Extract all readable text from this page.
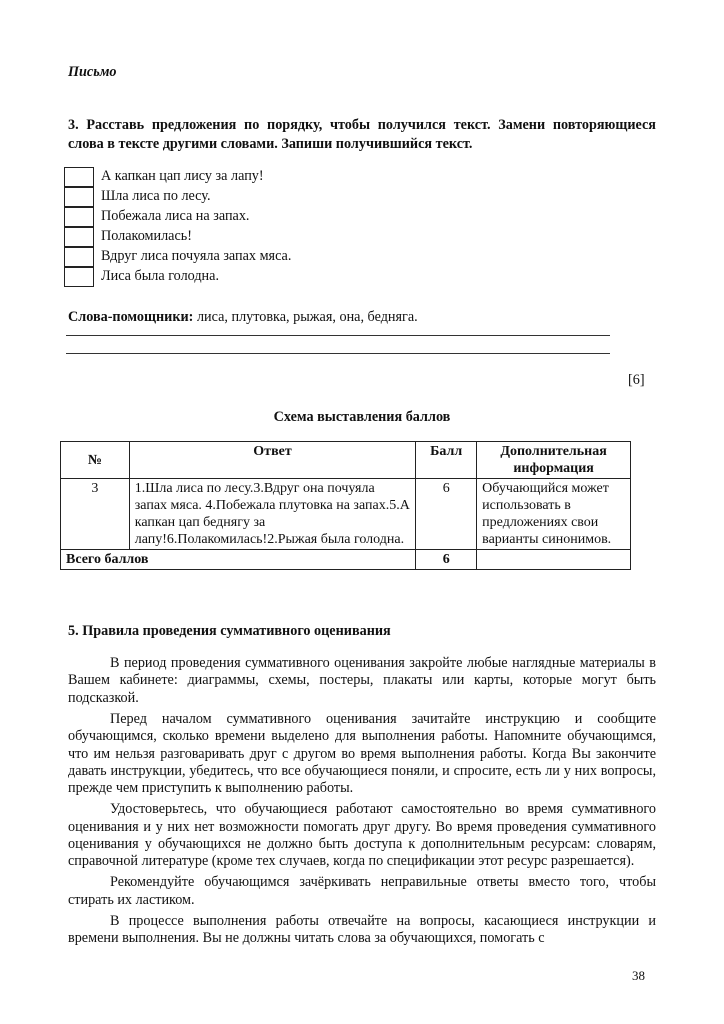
Письмо
3. Расставь предложения по порядку, чтобы получился текст. Замени повторяющиеся слова в тексте другими словами. Запиши получившийся текст.
А капкан цап лису за лапу!
Шла лиса по лесу.
Побежала лиса на запах.
Полакомилась!
Вдруг лиса почуяла запах мяса.
Лиса была голодна.
Слова-помощники: лиса, плутовка, рыжая, она, бедняга.
[6]
Схема выставления баллов
№	Ответ	Балл	Дополнительная информация
3	1.Шла лиса по лесу.3.Вдруг она почуяла запах мяса. 4.Побежала плутовка на запах.5.А капкан цап беднягу за лапу!6.Полакомилась!2.Рыжая была голодна.	6	Обучающийся может использовать в предложениях свои варианты синонимов.
Всего баллов		6	
5. Правила проведения суммативного оценивания

В период проведения суммативного оценивания закройте любые наглядные материалы в Вашем кабинете: диаграммы, схемы, постеры, плакаты или карты, которые могут быть подсказкой.

Перед началом суммативного оценивания зачитайте инструкцию и сообщите обучающимся, сколько времени выделено для выполнения работы. Напомните обучающимся, что им нельзя разговаривать друг с другом во время выполнения работы. Когда Вы закончите давать инструкции, убедитесь, что все обучающиеся поняли, и спросите, есть ли у них вопросы, прежде чем приступить к выполнению работы.

Удостоверьтесь, что обучающиеся работают самостоятельно во время суммативного оценивания и у них нет возможности помогать друг другу. Во время проведения суммативного оценивания у обучающихся не должно быть доступа к дополнительным ресурсам: словарям, справочной литературе (кроме тех случаев, когда по спецификации этот ресурс разрешается).

Рекомендуйте обучающимся зачёркивать неправильные ответы вместо того, чтобы стирать их ластиком.

В процессе выполнения работы отвечайте на вопросы, касающиеся инструкции и времени выполнения. Вы не должны читать слова за обучающихся, помогать с

38
